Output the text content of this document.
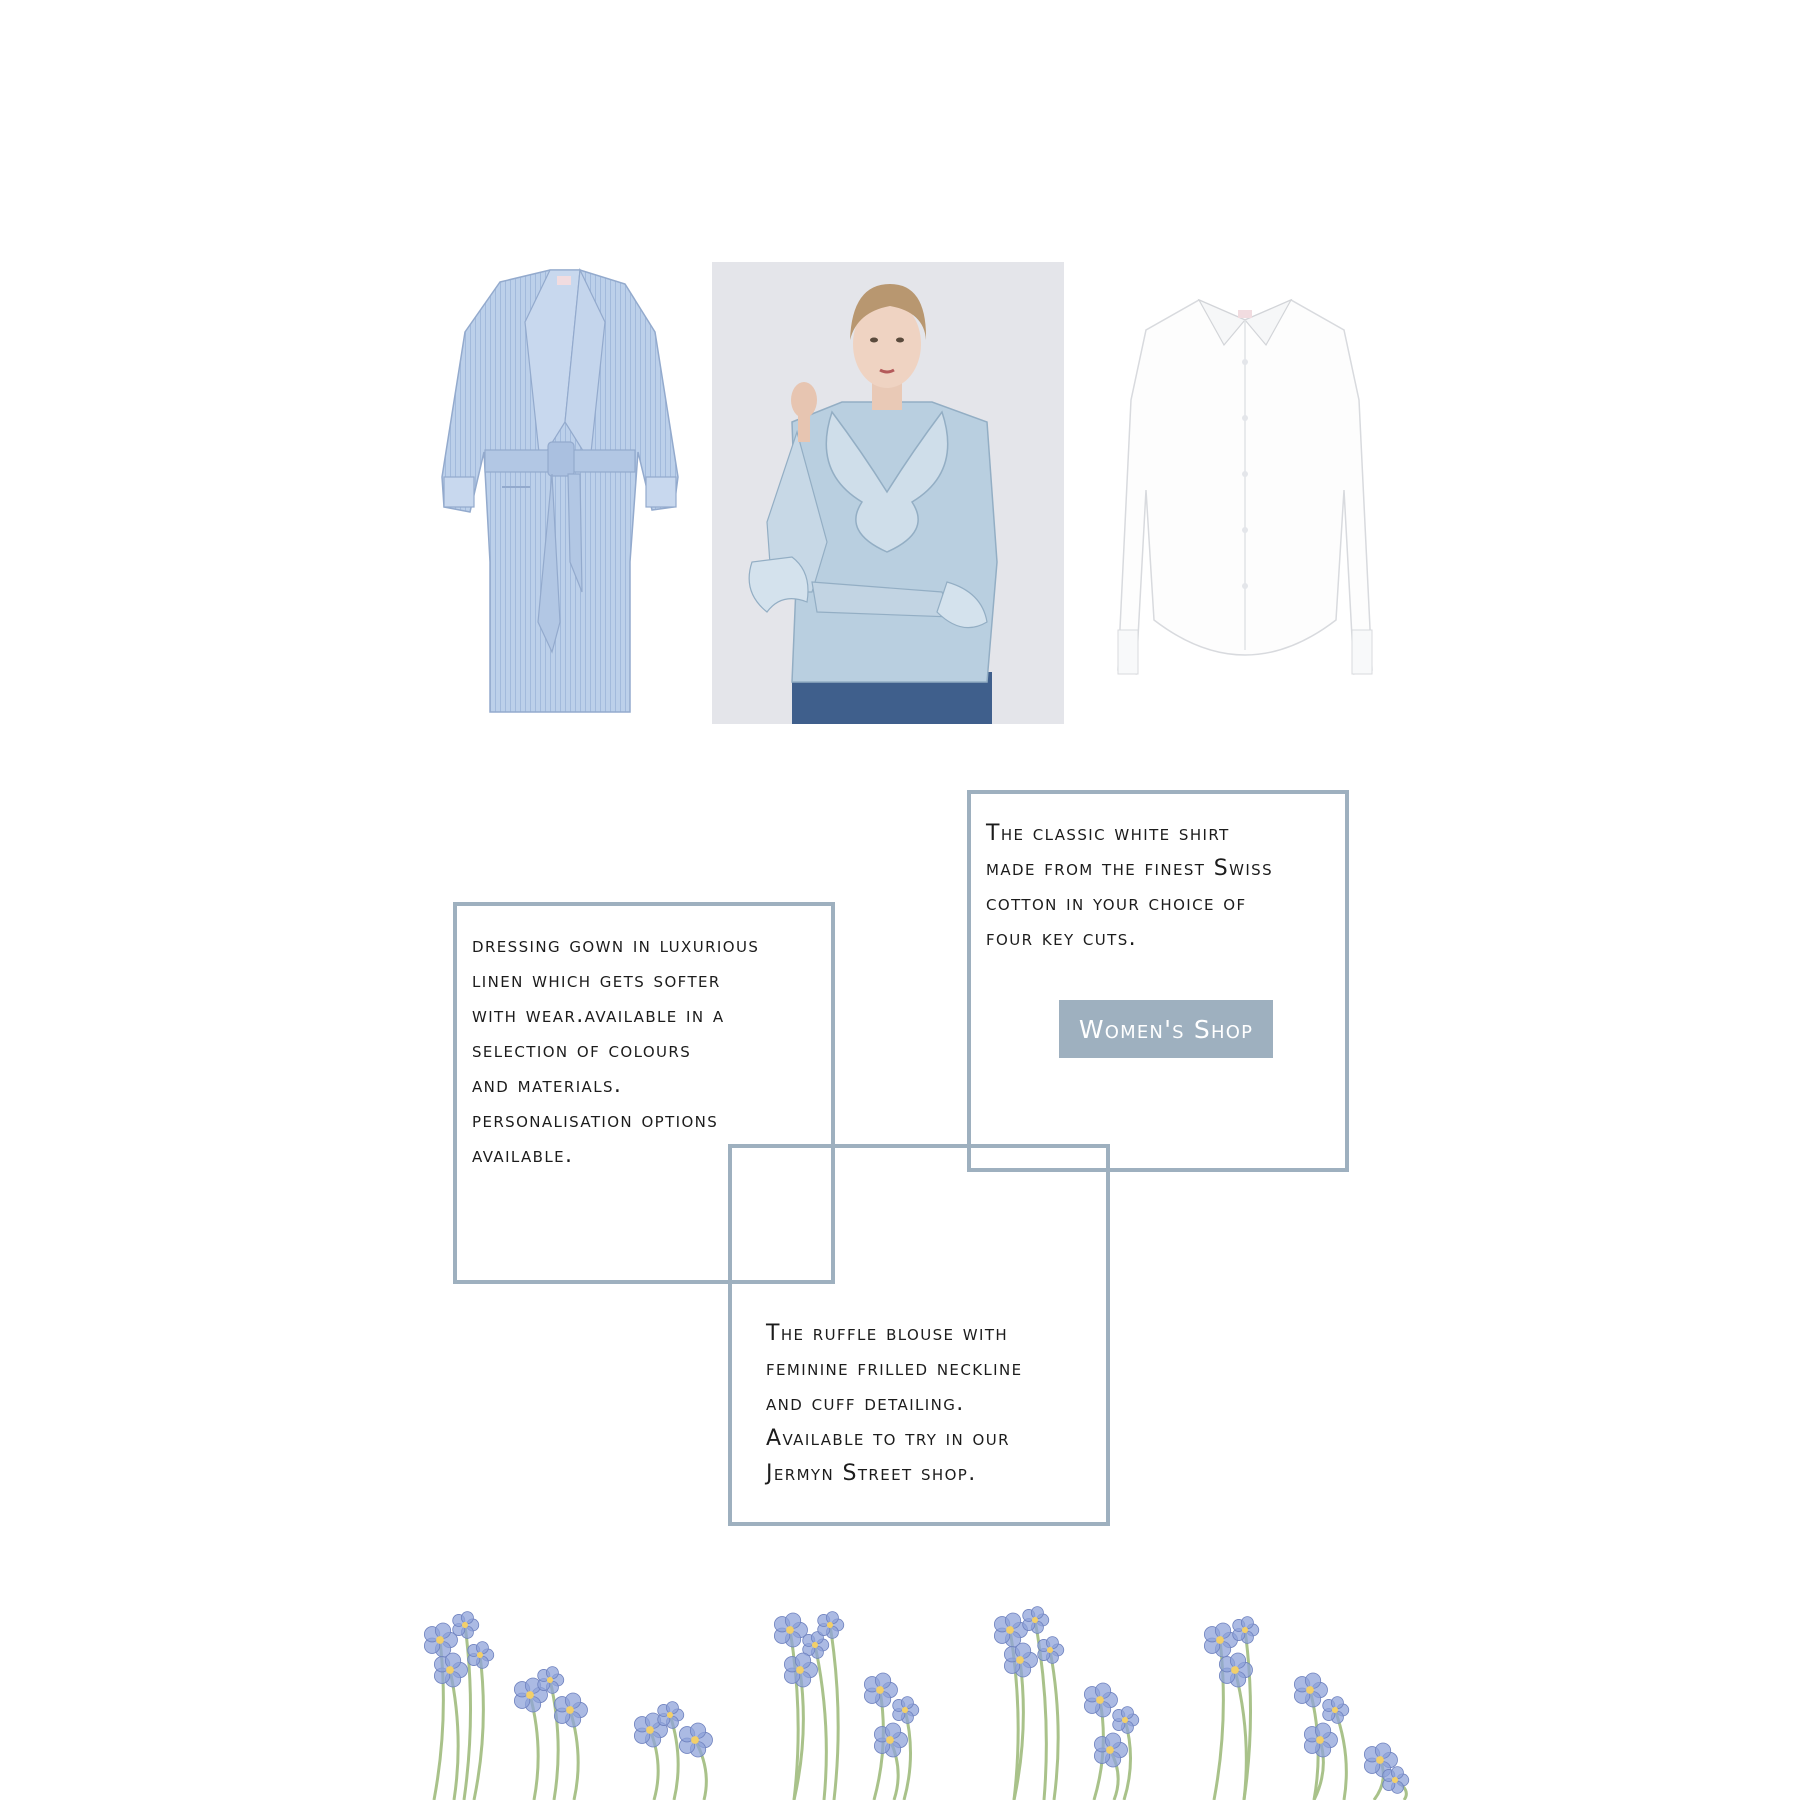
dressing gown in luxurious
linen which gets softer
with wear.available in a
selection of colours
and materials.
personalisation options
available.

The classic white shirt
made from the finest Swiss
cotton in your choice of
four key cuts.

Women's Shop

The ruffle blouse with
feminine frilled neckline
and cuff detailing.
Available to try in our
Jermyn Street shop.
